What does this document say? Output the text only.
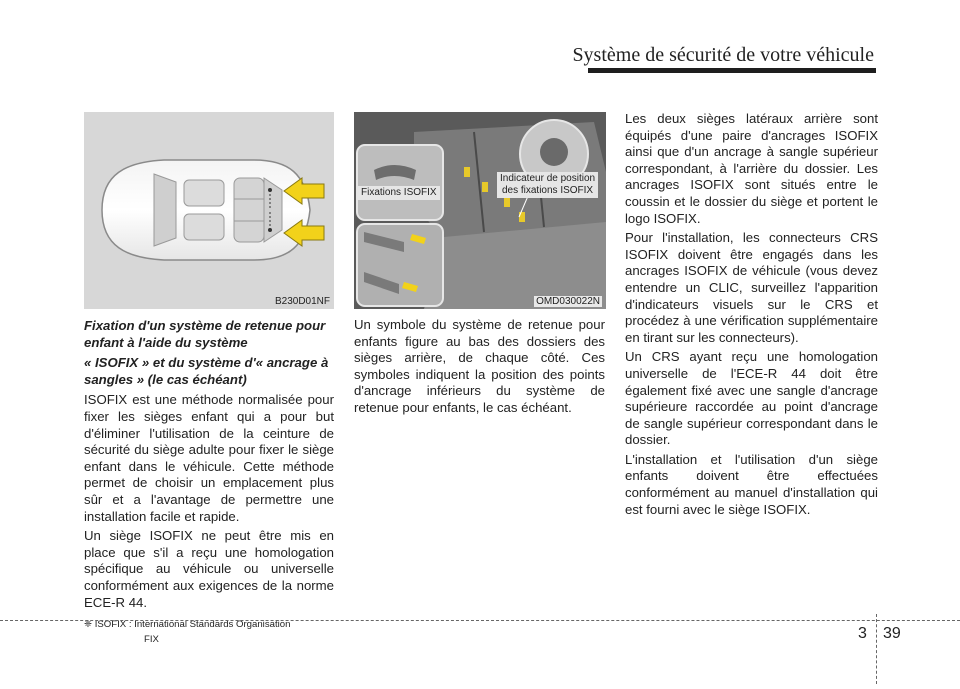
Système de sécurité de votre véhicule
B230D01NF
Fixations ISOFIX
Indicateur de position
des fixations ISOFIX
OMD030022N

Fixation d'un système de retenue pour enfant à l'aide du système

« ISOFIX » et du système d'« ancrage à sangles » (le cas échéant)

ISOFIX est une méthode normalisée pour fixer les sièges enfant qui a pour but d'éliminer l'utilisation de la ceinture de sécurité du siège adulte pour fixer le siège enfant dans le véhicule. Cette méthode permet de choisir un emplacement plus sûr et a l'avantage de permettre une installation facile et rapide.

Un siège ISOFIX ne peut être mis en place que s'il a reçu une homologation spécifique au véhicule ou universelle conformément aux exigences de la norme ECE-R 44.

❈ ISOFIX : International Standards Organisation
FIX

Un symbole du système de retenue pour enfants figure au bas des dossiers des sièges arrière, de chaque côté. Ces symboles indiquent la position des points d'ancrage inférieurs du système de retenue pour enfants, le cas échéant.

Les deux sièges latéraux arrière sont équipés d'une paire d'ancrages ISOFIX ainsi que d'un ancrage à sangle supérieur correspondant, à l'arrière du dossier. Les ancrages ISOFIX sont situés entre le coussin et le dossier du siège et portent le logo ISOFIX.

Pour l'installation, les connecteurs CRS ISOFIX doivent être engagés dans les ancrages ISOFIX de véhicule (vous devez entendre un CLIC, surveillez l'apparition d'indicateurs visuels sur le CRS et procédez à une vérification supplémentaire en tirant sur les connecteurs).

Un CRS ayant reçu une homologation universelle de l'ECE-R 44 doit être également fixé avec une sangle d'ancrage supérieure raccordée au point d'ancrage de sangle supérieur correspondant dans le dossier.

L'installation et l'utilisation d'un siège enfants doivent être effectuées conformément au manuel d'installation qui est fourni avec le siège ISOFIX.

3 39
